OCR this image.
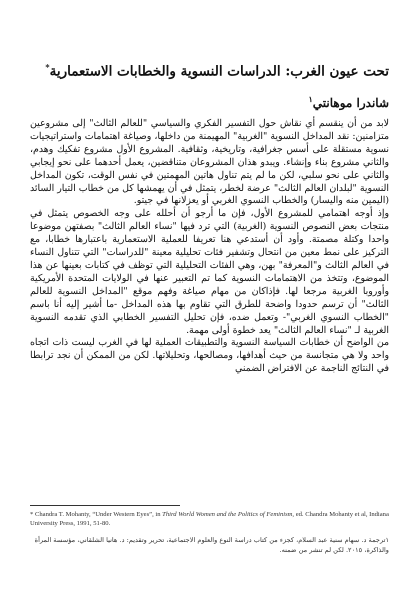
تحت عيون الغرب: الدراسات النسوية والخطابات الاستعمارية*
شاندرا موهانتي$^١$

لابد من أن ينقسم أي نقاش حول التفسير الفكري والسياسي "للعالم الثالث" إلى مشروعين متزامنين: نقد المداخل النسوية "الغربية" المهيمنة من داخلها، وصياغة اهتمامات واستراتيجيات نسوية مستقلة على أسس جغرافية، وتاريخية، وثقافية. المشروع الأول مشروع تفكيك وهدم، والثاني مشروع بناء وإنشاء. ويبدو هذان المشروعان متناقضين، يعمل أحدهما على نحو إيجابي والثاني على نحو سلبي، لكن ما لم يتم تناول هاتين المهمتين في نفس الوقت، تكون المداخل النسوية "لبلدان العالم الثالث" عرضة لخطر، يتمثل في أن يهمشها كل من خطاب التيار السائد (اليمين منه واليسار) والخطاب النسوي الغربي أو يعزلانها في جيتو.

وإذ أوجه اهتمامي للمشروع الأول، فإن ما أرجو أن أحلله على وجه الخصوص يتمثل في منتجات بعض النصوص النسوية (الغربية) التي ترد فيها "نساء العالم الثالث" بصفتهن موضوعا واحدا وكتلة مصمتة. وأود أن أستدعي هنا تعريفا للعملية الاستعمارية باعتبارها خطابا، مع التركيز على نمط معين من انتحال وتشفير فئات تحليلية معينة "للدراسات" التي تتناول النساء في العالم الثالث و"المعرفة" بهن، وهي الفئات التحليلية التي توظف في كتابات بعينها عن هذا الموضوع، وتتخذ من الاهتمامات النسوية كما تم التعبير عنها في الولايات المتحدة الأمريكية وأوروبا الغربية مرجعا لها. فإذاكان من مهام صياغة وفهم موقع "المداخل النسوية للعالم الثالث" أن ترسم حدودا واضحة للطرق التي تقاوم بها هذه المداخل -ما أشير إليه أنا باسم "الخطاب النسوي الغربي"- وتعمل ضده، فإن تحليل التفسير الخطابي الذي تقدمه النسوية الغربية لـ "نساء العالم الثالث" يعد خطوة أولى مهمة.

من الواضح أن خطابات السياسة النسوية والتطبيقات العملية لها في الغرب ليست ذات اتجاه واحد ولا هي متجانسة من حيث أهدافها، ومصالحها، وتحليلاتها. لكن من الممكن أن نجد ترابطا في النتائج الناجمة عن الافتراض الضمني

* Chandra T. Mohanty, “Under Western Eyes”, in Third World Women and the Politics of Feminism, ed. Chandra Mohanty et al, Indiana University Press, 1991, 51-80.
١ترجمة د. سهام سنية عبد السلام، كجزء من كتاب دراسة النوع والعلوم الاجتماعية، تحرير وتقديم: د. هانيا الشلقاني، مؤسسة المرأة والذاكرة، ٢٠١٥. لكن لم تنشر من ضمنه.
